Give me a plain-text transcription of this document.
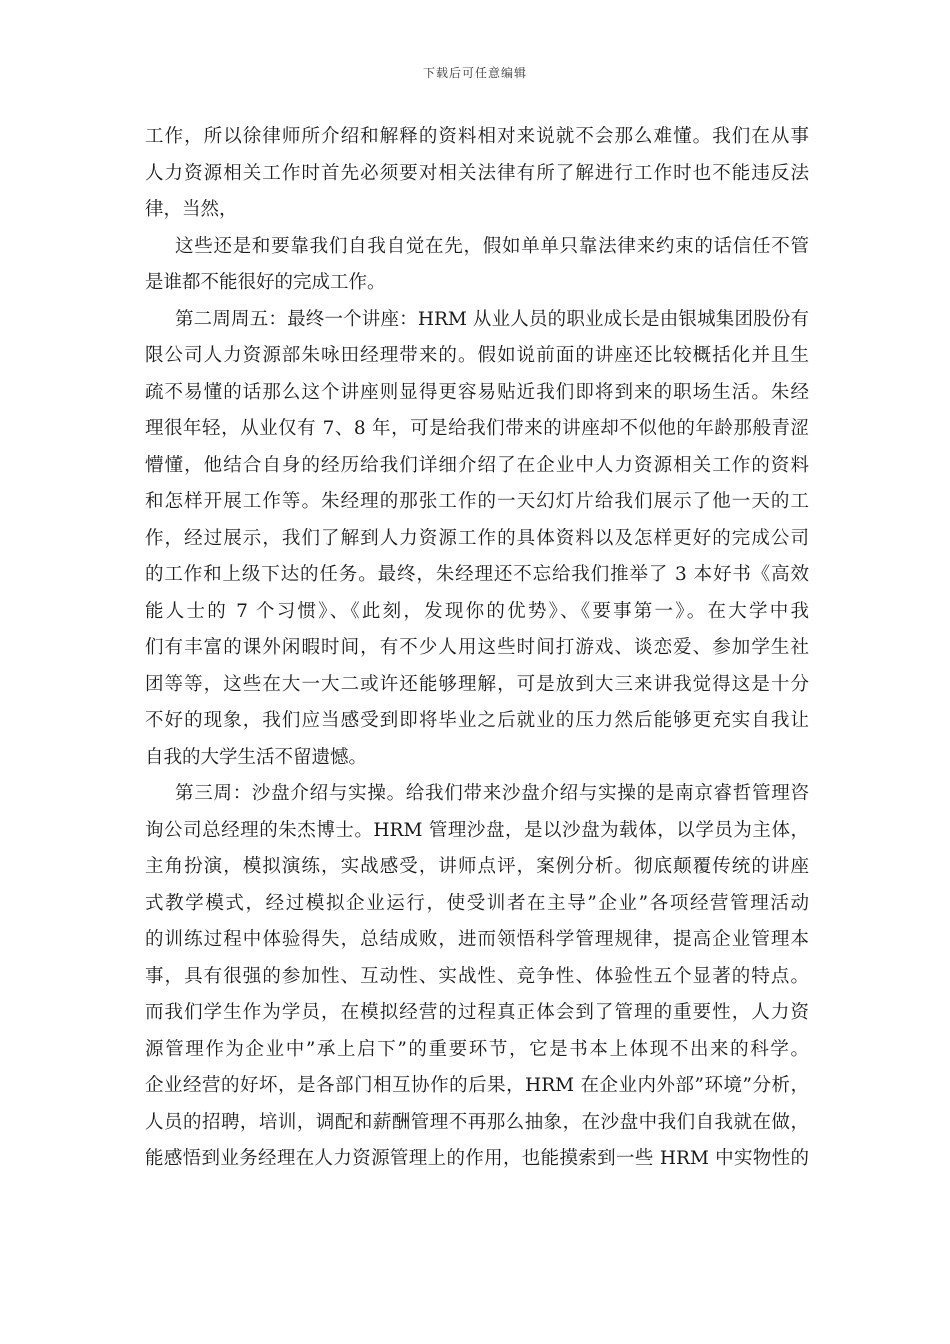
下载后可任意编辑
工作，所以徐律师所介绍和解释的资料相对来说就不会那么难懂。我们在从事
人力资源相关工作时首先必须要对相关法律有所了解进行工作时也不能违反法
律，当然，
这些还是和要靠我们自我自觉在先，假如单单只靠法律来约束的话信任不管
是谁都不能很好的完成工作。
第二周周五：最终一个讲座：HRM 从业人员的职业成长是由银城集团股份有
限公司人力资源部朱咏田经理带来的。假如说前面的讲座还比较概括化并且生
疏不易懂的话那么这个讲座则显得更容易贴近我们即将到来的职场生活。朱经
理很年轻，从业仅有 7、8 年，可是给我们带来的讲座却不似他的年龄那般青涩
懵懂，他结合自身的经历给我们详细介绍了在企业中人力资源相关工作的资料
和怎样开展工作等。朱经理的那张工作的一天幻灯片给我们展示了他一天的工
作，经过展示，我们了解到人力资源工作的具体资料以及怎样更好的完成公司
的工作和上级下达的任务。最终，朱经理还不忘给我们推举了 3 本好书《高效
能人士的 7 个习惯》、《此刻，发现你的优势》、《要事第一》。在大学中我
们有丰富的课外闲暇时间，有不少人用这些时间打游戏、谈恋爱、参加学生社
团等等，这些在大一大二或许还能够理解，可是放到大三来讲我觉得这是十分
不好的现象，我们应当感受到即将毕业之后就业的压力然后能够更充实自我让
自我的大学生活不留遗憾。
第三周：沙盘介绍与实操。给我们带来沙盘介绍与实操的是南京睿哲管理咨
询公司总经理的朱杰博士。HRM 管理沙盘，是以沙盘为载体，以学员为主体，
主角扮演，模拟演练，实战感受，讲师点评，案例分析。彻底颠覆传统的讲座
式教学模式，经过模拟企业运行，使受训者在主导”企业”各项经营管理活动
的训练过程中体验得失，总结成败，进而领悟科学管理规律，提高企业管理本
事，具有很强的参加性、互动性、实战性、竞争性、体验性五个显著的特点。
而我们学生作为学员，在模拟经营的过程真正体会到了管理的重要性，人力资
源管理作为企业中”承上启下”的重要环节，它是书本上体现不出来的科学。
企业经营的好坏，是各部门相互协作的后果，HRM 在企业内外部”环境”分析，
人员的招聘，培训，调配和薪酬管理不再那么抽象，在沙盘中我们自我就在做，
能感悟到业务经理在人力资源管理上的作用，也能摸索到一些 HRM 中实物性的
